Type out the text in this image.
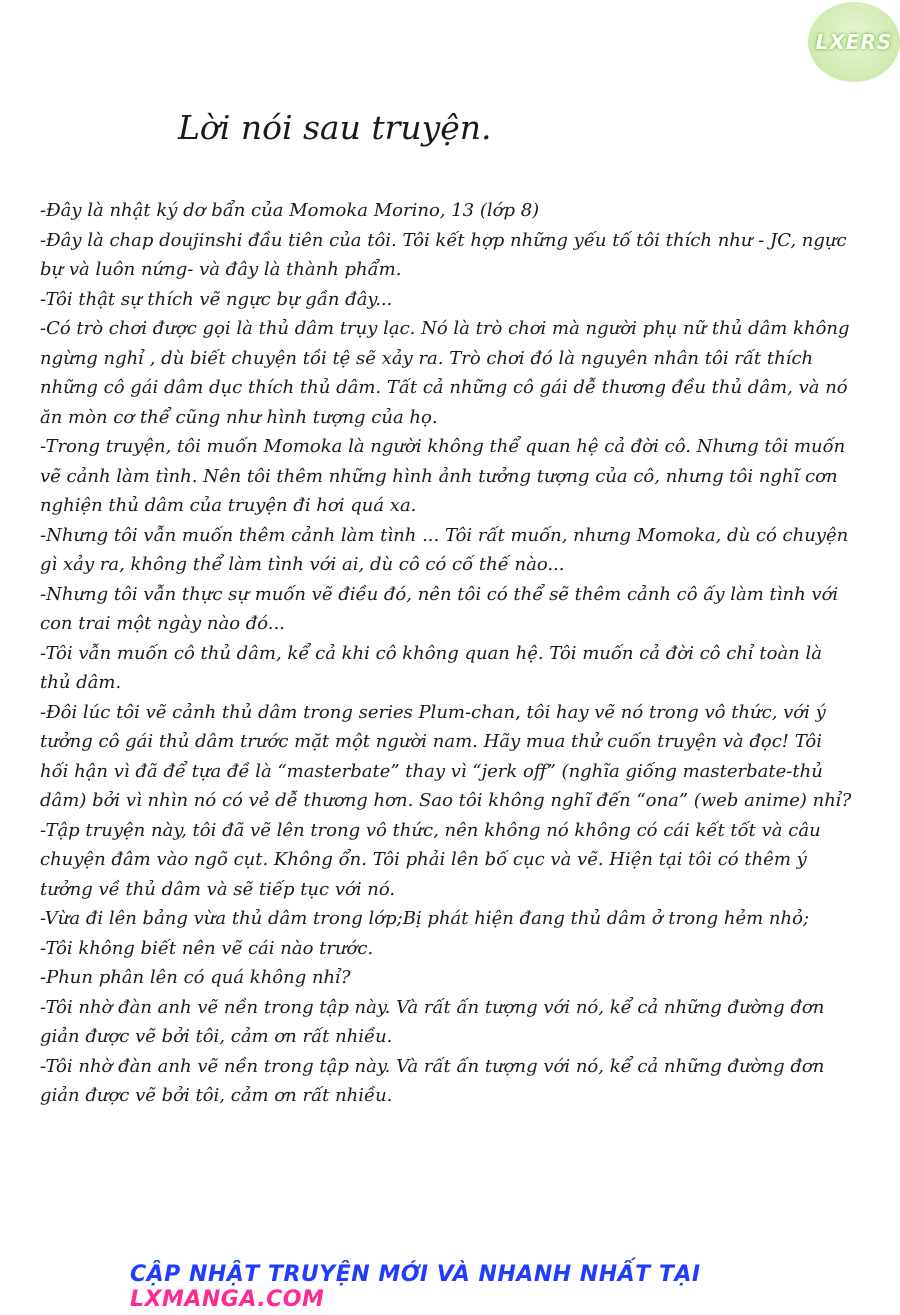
LXERS
Lời nói sau truyện.
-Đây là nhật ký dơ bẩn của Momoka Morino, 13 (lớp 8)
-Đây là chap doujinshi đầu tiên của tôi. Tôi kết hợp những yếu tố tôi thích như - JC, ngực bự và luôn nứng- và đây là thành phẩm.
-Tôi thật sự thích vẽ ngực bự gần đây...
-Có trò chơi được gọi là thủ dâm trụy lạc. Nó là trò chơi mà người phụ nữ thủ dâm không ngừng nghỉ , dù biết chuyện tồi tệ sẽ xảy ra. Trò chơi đó là nguyên nhân tôi rất thích những cô gái dâm dục thích thủ dâm. Tất cả những cô gái dễ thương đều thủ dâm, và nó ăn mòn cơ thể cũng như hình tượng của họ.
-Trong truyện, tôi muốn Momoka là người không thể quan hệ cả đời cô. Nhưng tôi muốn vẽ cảnh làm tình. Nên tôi thêm những hình ảnh tưởng tượng của cô, nhưng tôi nghĩ cơn nghiện thủ dâm của truyện đi hơi quá xa.
-Nhưng tôi vẫn muốn thêm cảnh làm tình ... Tôi rất muốn, nhưng Momoka, dù có chuyện gì xảy ra, không thể làm tình với ai, dù cô có cố thế nào...
-Nhưng tôi vẫn thực sự muốn vẽ điều đó, nên tôi có thể sẽ thêm cảnh cô ấy làm tình với con trai một ngày nào đó...
-Tôi vẫn muốn cô thủ dâm, kể cả khi cô không quan hệ. Tôi muốn cả đời cô chỉ toàn là thủ dâm.
-Đôi lúc tôi vẽ cảnh thủ dâm trong series Plum-chan, tôi hay vẽ nó trong vô thức, với ý tưởng cô gái thủ dâm trước mặt một người nam. Hãy mua thử cuốn truyện và đọc! Tôi hối hận vì đã để tựa đề là “masterbate” thay vì “jerk off” (nghĩa giống masterbate-thủ dâm) bởi vì nhìn nó có vẻ dễ thương hơn. Sao tôi không nghĩ đến “ona” (web anime) nhỉ?
-Tập truyện này, tôi đã vẽ lên trong vô thức, nên không nó không có cái kết tốt và câu chuyện đâm vào ngõ cụt. Không ổn. Tôi phải lên bố cục và vẽ. Hiện tại tôi có thêm ý tưởng về thủ dâm và sẽ tiếp tục với nó.
-Vừa đi lên bảng vừa thủ dâm trong lớp;Bị phát hiện đang thủ dâm ở trong hẻm nhỏ;
-Tôi không biết nên vẽ cái nào trước.
-Phun phân lên có quá không nhỉ?
-Tôi nhờ đàn anh vẽ nền trong tập này. Và rất ấn tượng với nó, kể cả những đường đơn giản được vẽ bởi tôi, cảm ơn rất nhiều.
-Tôi nhờ đàn anh vẽ nền trong tập này. Và rất ấn tượng với nó, kể cả những đường đơn giản được vẽ bởi tôi, cảm ơn rất nhiều.
CẬP NHẬT TRUYỆN MỚI VÀ NHANH NHẤT TẠI LXMANGA.COM
